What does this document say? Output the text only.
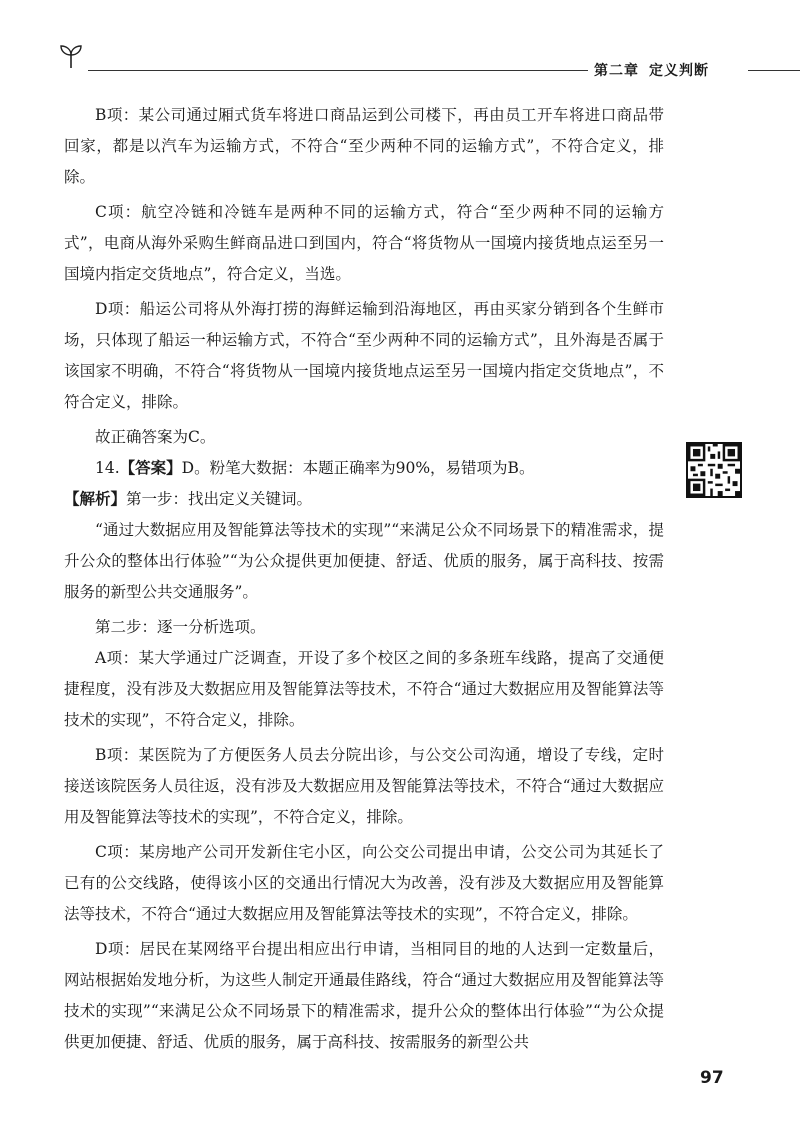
第二章 定义判断

B项：某公司通过厢式货车将进口商品运到公司楼下，再由员工开车将进口商品带回家，都是以汽车为运输方式，不符合“至少两种不同的运输方式”，不符合定义，排除。

C项：航空冷链和冷链车是两种不同的运输方式，符合“至少两种不同的运输方式”，电商从海外采购生鲜商品进口到国内，符合“将货物从一国境内接货地点运至另一国境内指定交货地点”，符合定义，当选。

D项：船运公司将从外海打捞的海鲜运输到沿海地区，再由买家分销到各个生鲜市场，只体现了船运一种运输方式，不符合“至少两种不同的运输方式”，且外海是否属于该国家不明确，不符合“将货物从一国境内接货地点运至另一国境内指定交货地点”，不符合定义，排除。

故正确答案为C。

14.【答案】D。粉笔大数据：本题正确率为90%，易错项为B。

【解析】第一步：找出定义关键词。

“通过大数据应用及智能算法等技术的实现”“来满足公众不同场景下的精准需求，提升公众的整体出行体验”“为公众提供更加便捷、舒适、优质的服务，属于高科技、按需服务的新型公共交通服务”。

第二步：逐一分析选项。

A项：某大学通过广泛调查，开设了多个校区之间的多条班车线路，提高了交通便捷程度，没有涉及大数据应用及智能算法等技术，不符合“通过大数据应用及智能算法等技术的实现”，不符合定义，排除。

B项：某医院为了方便医务人员去分院出诊，与公交公司沟通，增设了专线，定时接送该院医务人员往返，没有涉及大数据应用及智能算法等技术，不符合“通过大数据应用及智能算法等技术的实现”，不符合定义，排除。

C项：某房地产公司开发新住宅小区，向公交公司提出申请，公交公司为其延长了已有的公交线路，使得该小区的交通出行情况大为改善，没有涉及大数据应用及智能算法等技术，不符合“通过大数据应用及智能算法等技术的实现”，不符合定义，排除。

D项：居民在某网络平台提出相应出行申请，当相同目的地的人达到一定数量后，网站根据始发地分析，为这些人制定开通最佳路线，符合“通过大数据应用及智能算法等技术的实现”“来满足公众不同场景下的精准需求，提升公众的整体出行体验”“为公众提供更加便捷、舒适、优质的服务，属于高科技、按需服务的新型公共

97
